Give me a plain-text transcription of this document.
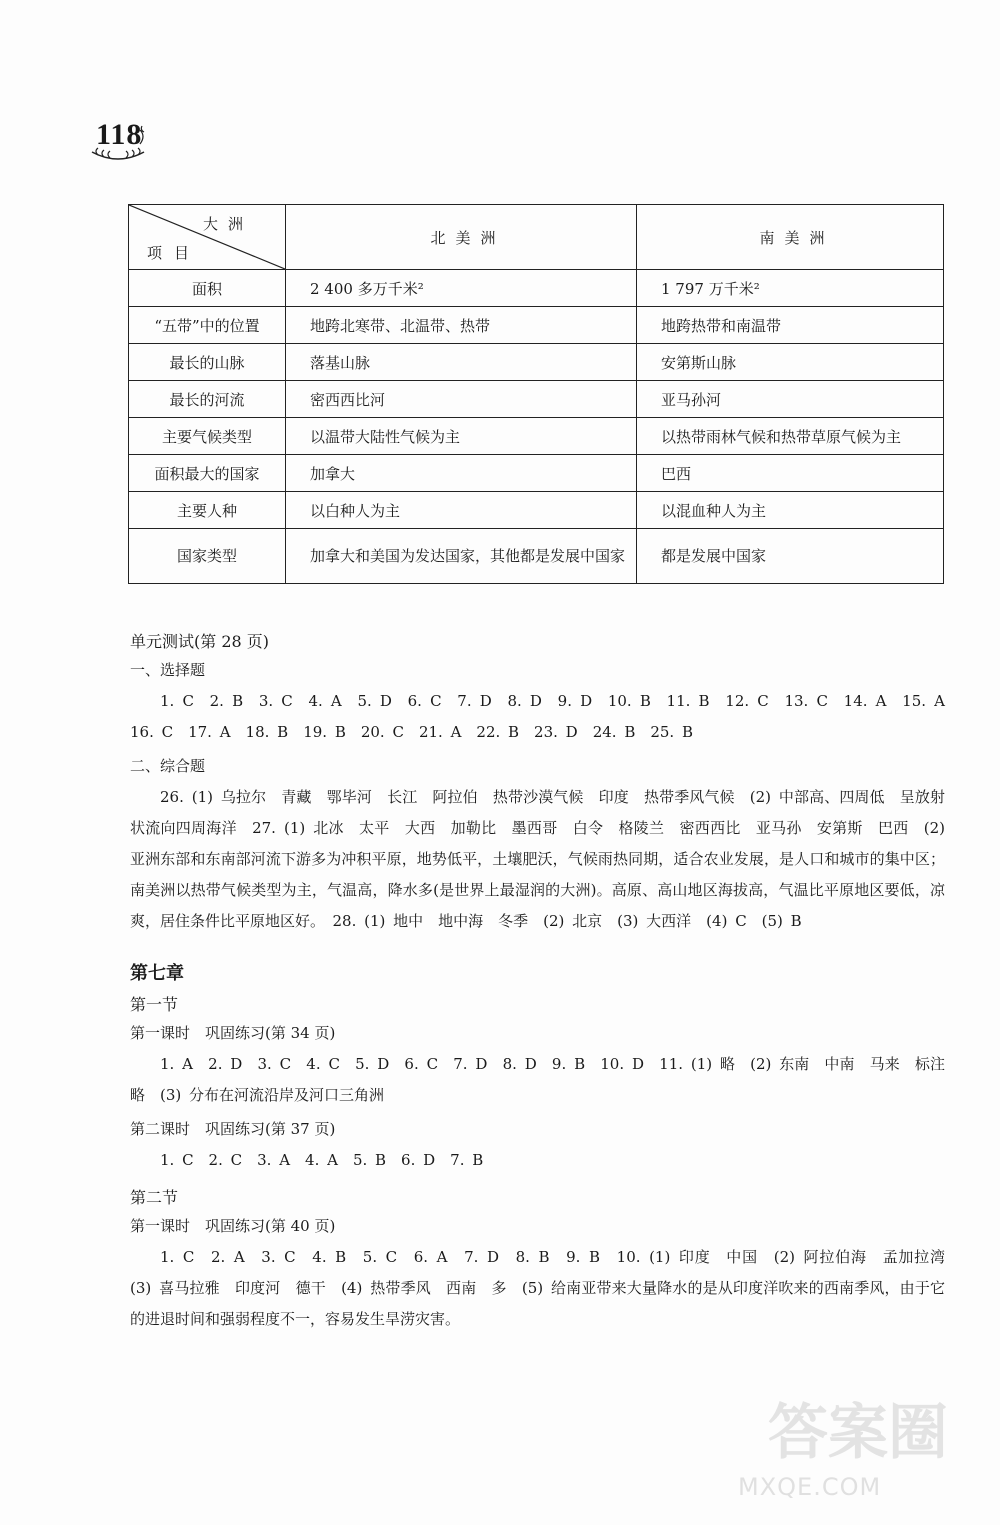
118
大洲
项目	北美洲	南美洲
面积	2 400 多万千米²	1 797 万千米²
“五带”中的位置	地跨北寒带、北温带、热带	地跨热带和南温带
最长的山脉	落基山脉	安第斯山脉
最长的河流	密西西比河	亚马孙河
主要气候类型	以温带大陆性气候为主	以热带雨林气候和热带草原气候为主
面积最大的国家	加拿大	巴西
主要人种	以白种人为主	以混血种人为主
国家类型	加拿大和美国为发达国家，其他都是发展中国家	都是发展中国家
单元测试(第 28 页)
一、选择题
1. C　2. B　3. C　4. A　5. D　6. C　7. D　8. D　9. D　10. B　11. B　12. C　13. C　14. A　15. A　16. C　17. A　18. B　19. B　20. C　21. A　22. B　23. D　24. B　25. B
二、综合题
26. (1) 乌拉尔　青藏　鄂毕河　长江　阿拉伯　热带沙漠气候　印度　热带季风气候　(2) 中部高、四周低　呈放射状流向四周海洋　27. (1) 北冰　太平　大西　加勒比　墨西哥　白令　格陵兰　密西西比　亚马孙　安第斯　巴西　(2) 亚洲东部和东南部河流下游多为冲积平原，地势低平，土壤肥沃，气候雨热同期，适合农业发展，是人口和城市的集中区；南美洲以热带气候类型为主，气温高，降水多(是世界上最湿润的大洲)。高原、高山地区海拔高，气温比平原地区要低，凉爽，居住条件比平原地区好。　28. (1) 地中　地中海　冬季　(2) 北京　(3) 大西洋　(4) C　(5) B
第七章
第一节
第一课时　巩固练习(第 34 页)
1. A　2. D　3. C　4. C　5. D　6. C　7. D　8. D　9. B　10. D　11. (1) 略　(2) 东南　中南　马来　标注略　(3) 分布在河流沿岸及河口三角洲
第二课时　巩固练习(第 37 页)
1. C　2. C　3. A　4. A　5. B　6. D　7. B
第二节
第一课时　巩固练习(第 40 页)
1. C　2. A　3. C　4. B　5. C　6. A　7. D　8. B　9. B　10. (1) 印度　中国　(2) 阿拉伯海　孟加拉湾　(3) 喜马拉雅　印度河　德干　(4) 热带季风　西南　多　(5) 给南亚带来大量降水的是从印度洋吹来的西南季风，由于它的进退时间和强弱程度不一，容易发生旱涝灾害。
答案圈
MXQE.COM
